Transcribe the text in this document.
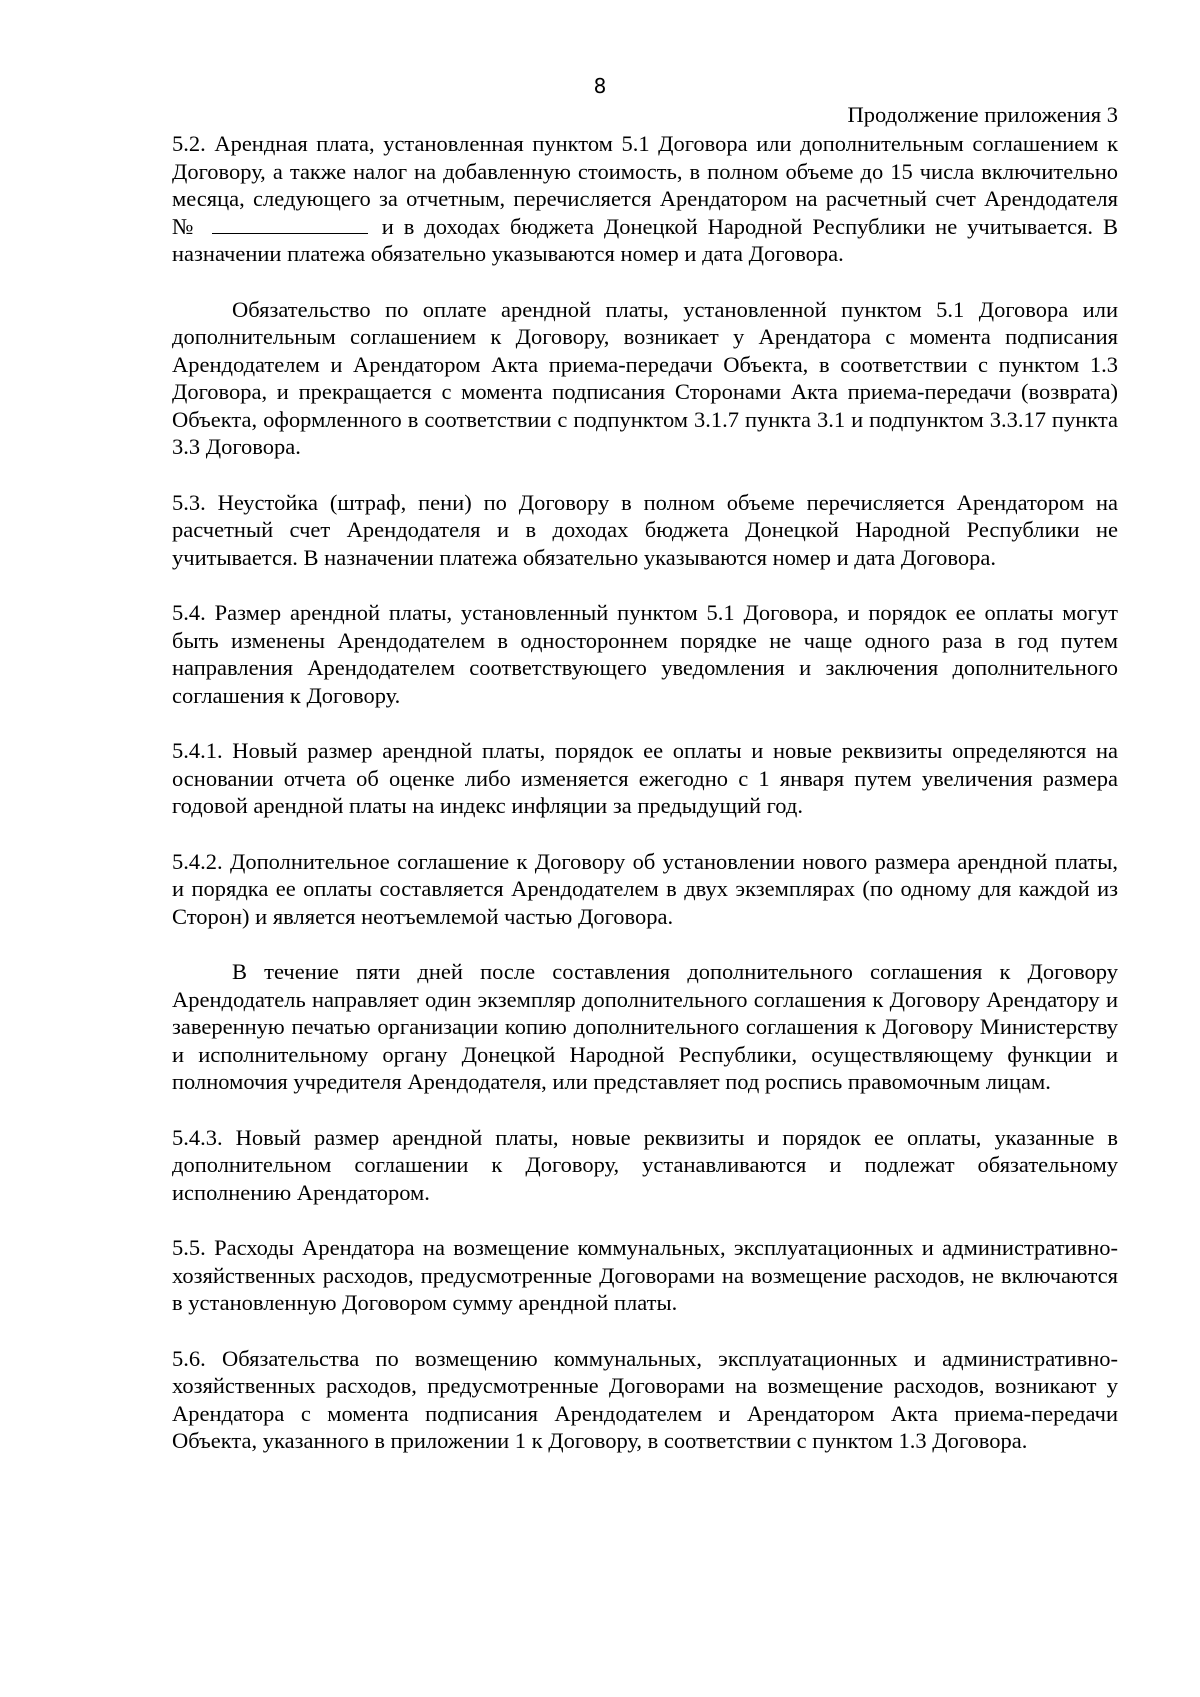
8
Продолжение приложения 3

5.2. Арендная плата, установленная пунктом 5.1 Договора или дополнительным соглашением к Договору, а также налог на добавленную стоимость, в полном объеме до 15 числа включительно месяца, следующего за отчетным, перечисляется Арендатором на расчетный счет Арендодателя №	и в доходах бюджета Донецкой Народной Республики не учитывается. В назначении платежа обязательно указываются номер и дата Договора.

Обязательство по оплате арендной платы, установленной пунктом 5.1 Договора или дополнительным соглашением к Договору, возникает у Арендатора с момента подписания Арендодателем и Арендатором Акта приема-передачи Объекта, в соответствии с пунктом 1.3 Договора, и прекращается с момента подписания Сторонами Акта приема-передачи (возврата) Объекта, оформленного в соответствии с подпунктом 3.1.7 пункта 3.1 и подпунктом 3.3.17 пункта 3.3 Договора.

5.3. Неустойка (штраф, пени) по Договору в полном объеме перечисляется Арендатором на расчетный счет Арендодателя и в доходах бюджета Донецкой Народной Республики не учитывается. В назначении платежа обязательно указываются номер и дата Договора.

5.4. Размер арендной платы, установленный пунктом 5.1 Договора, и порядок ее оплаты могут быть изменены Арендодателем в одностороннем порядке не чаще одного раза в год путем направления Арендодателем соответствующего уведомления и заключения дополнительного соглашения к Договору.

5.4.1. Новый размер арендной платы, порядок ее оплаты и новые реквизиты определяются на основании отчета об оценке либо изменяется ежегодно с 1 января путем увеличения размера годовой арендной платы на индекс инфляции за предыдущий год.

5.4.2. Дополнительное соглашение к Договору об установлении нового размера арендной платы, и порядка ее оплаты составляется Арендодателем в двух экземплярах (по одному для каждой из Сторон) и является неотъемлемой частью Договора.

В течение пяти дней после составления дополнительного соглашения к Договору Арендодатель направляет один экземпляр дополнительного соглашения к Договору Арендатору и заверенную печатью организации копию дополнительного соглашения к Договору Министерству и исполнительному органу Донецкой Народной Республики, осуществляющему функции и полномочия учредителя Арендодателя, или представляет под роспись правомочным лицам.

5.4.3. Новый размер арендной платы, новые реквизиты и порядок ее оплаты, указанные в дополнительном соглашении к Договору, устанавливаются и подлежат обязательному исполнению Арендатором.

5.5. Расходы Арендатора на возмещение коммунальных, эксплуатационных и административно-хозяйственных расходов, предусмотренные Договорами на возмещение расходов, не включаются в установленную Договором сумму арендной платы.

5.6. Обязательства по возмещению коммунальных, эксплуатационных и административно-хозяйственных расходов, предусмотренные Договорами на возмещение расходов, возникают у Арендатора с момента подписания Арендодателем и Арендатором Акта приема-передачи Объекта, указанного в приложении 1 к Договору, в соответствии с пунктом 1.3 Договора.
